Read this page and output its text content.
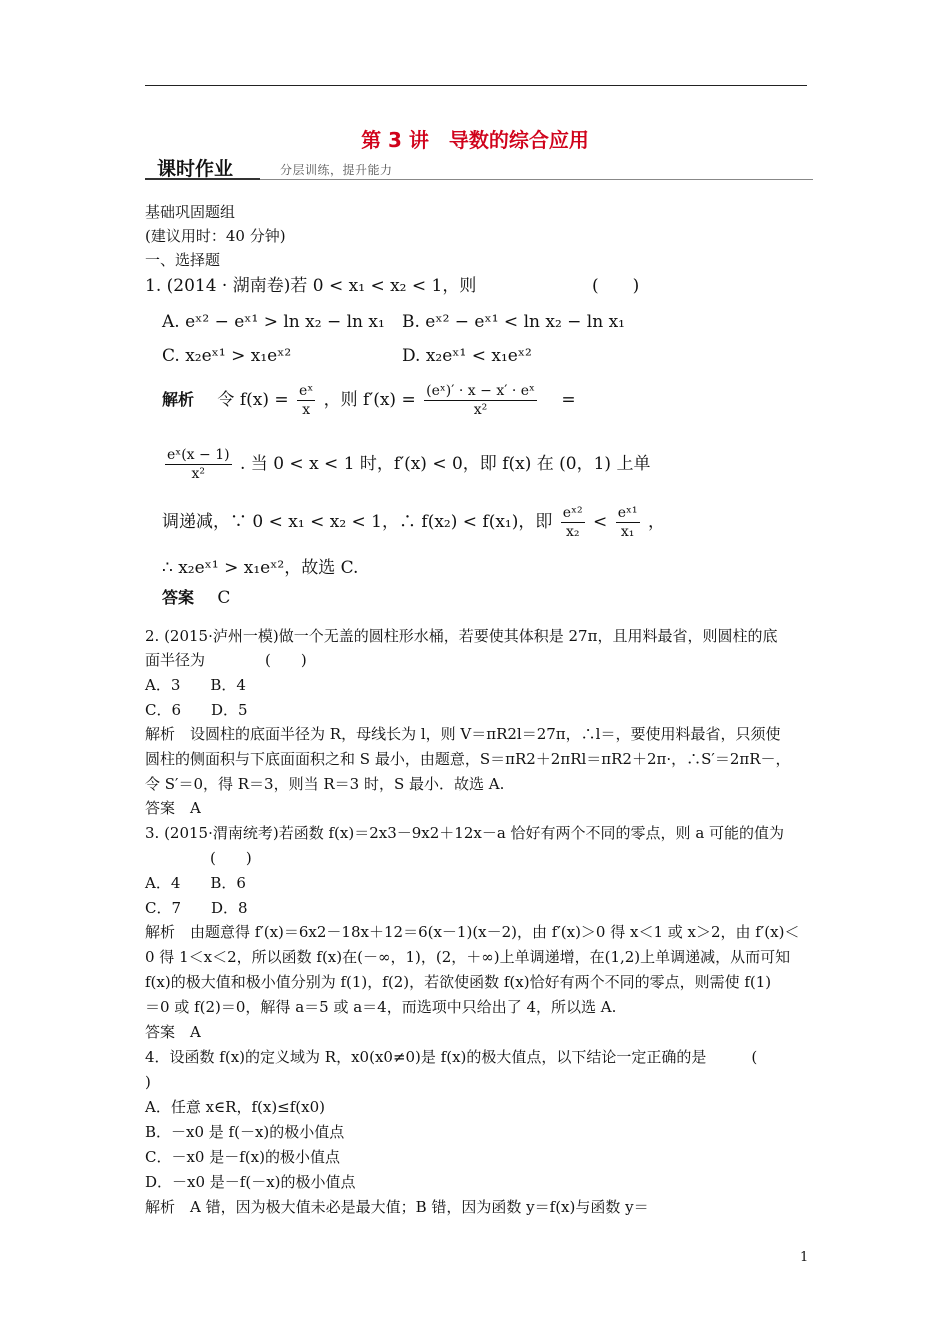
第 3 讲　导数的综合应用
课时作业	分层训练，提升能力
基础巩固题组
(建议用时：40 分钟)
一、选择题
1. (2014 · 湖南卷)若 0 < x₁ < x₂ < 1，则	(　　)
A. eˣ² − eˣ¹ > ln x₂ − ln x₁ B. eˣ² − eˣ¹ < ln x₂ − ln x₁
C. x₂eˣ¹ > x₁eˣ²	D. x₂eˣ¹ < x₁eˣ²
解析 令 $f(x) = \frac{\text{eˣ}}{x}$ ，则 $f'(x) = \frac{\text{(eˣ)′ · x − x′ · eˣ}}{\text{x²}}$ =
$\frac{\text{eˣ(x − 1)}}{\text{x²}}$ . 当 0 < x < 1 时，f′(x) < 0，即 f(x) 在 (0，1) 上单
调递减，∵ 0 < x₁ < x₂ < 1，∴ f(x₂) < f(x₁)，即 $\frac{\text{eˣ²}}{\text{x₂}} < \frac{\text{eˣ¹}}{\text{x₁}}$ ，
∴ x₂eˣ¹ > x₁eˣ²，故选 C.
答案 C
2. (2015·泸州一模)做一个无盖的圆柱形水桶，若要使其体积是 27π，且用料最省，则圆柱的底
面半径为　　　　(　　)
A．3　　B．4
C．6　　D．5
解析　设圆柱的底面半径为 R，母线长为 l，则 V＝πR2l＝27π，∴l＝，要使用料最省，只须使
圆柱的侧面积与下底面面积之和 S 最小，由题意，S＝πR2＋2πRl＝πR2＋2π·，∴S′＝2πR－，
令 S′＝0，得 R＝3，则当 R＝3 时，S 最小．故选 A.
答案　A
3. (2015·渭南统考)若函数 f(x)＝2x3－9x2＋12x－a 恰好有两个不同的零点，则 a 可能的值为
(　　)
A．4　　B．6
C．7　　D．8
解析　由题意得 f′(x)＝6x2－18x＋12＝6(x－1)(x－2)，由 f′(x)＞0 得 x＜1 或 x＞2，由 f′(x)＜
0 得 1＜x＜2，所以函数 f(x)在(－∞，1)，(2，＋∞)上单调递增，在(1,2)上单调递减，从而可知
f(x)的极大值和极小值分别为 f(1)，f(2)，若欲使函数 f(x)恰好有两个不同的零点，则需使 f(1)
＝0 或 f(2)＝0，解得 a＝5 或 a＝4，而选项中只给出了 4，所以选 A.
答案　A
4．设函数 f(x)的定义域为 R，x0(x0≠0)是 f(x)的极大值点，以下结论一定正确的是　　　(
)
A．任意 x∈R，f(x)≤f(x0)
B．－x0 是 f(－x)的极小值点
C．－x0 是－f(x)的极小值点
D．－x0 是－f(－x)的极小值点
解析　A 错，因为极大值未必是最大值；B 错，因为函数 y＝f(x)与函数 y＝
1
